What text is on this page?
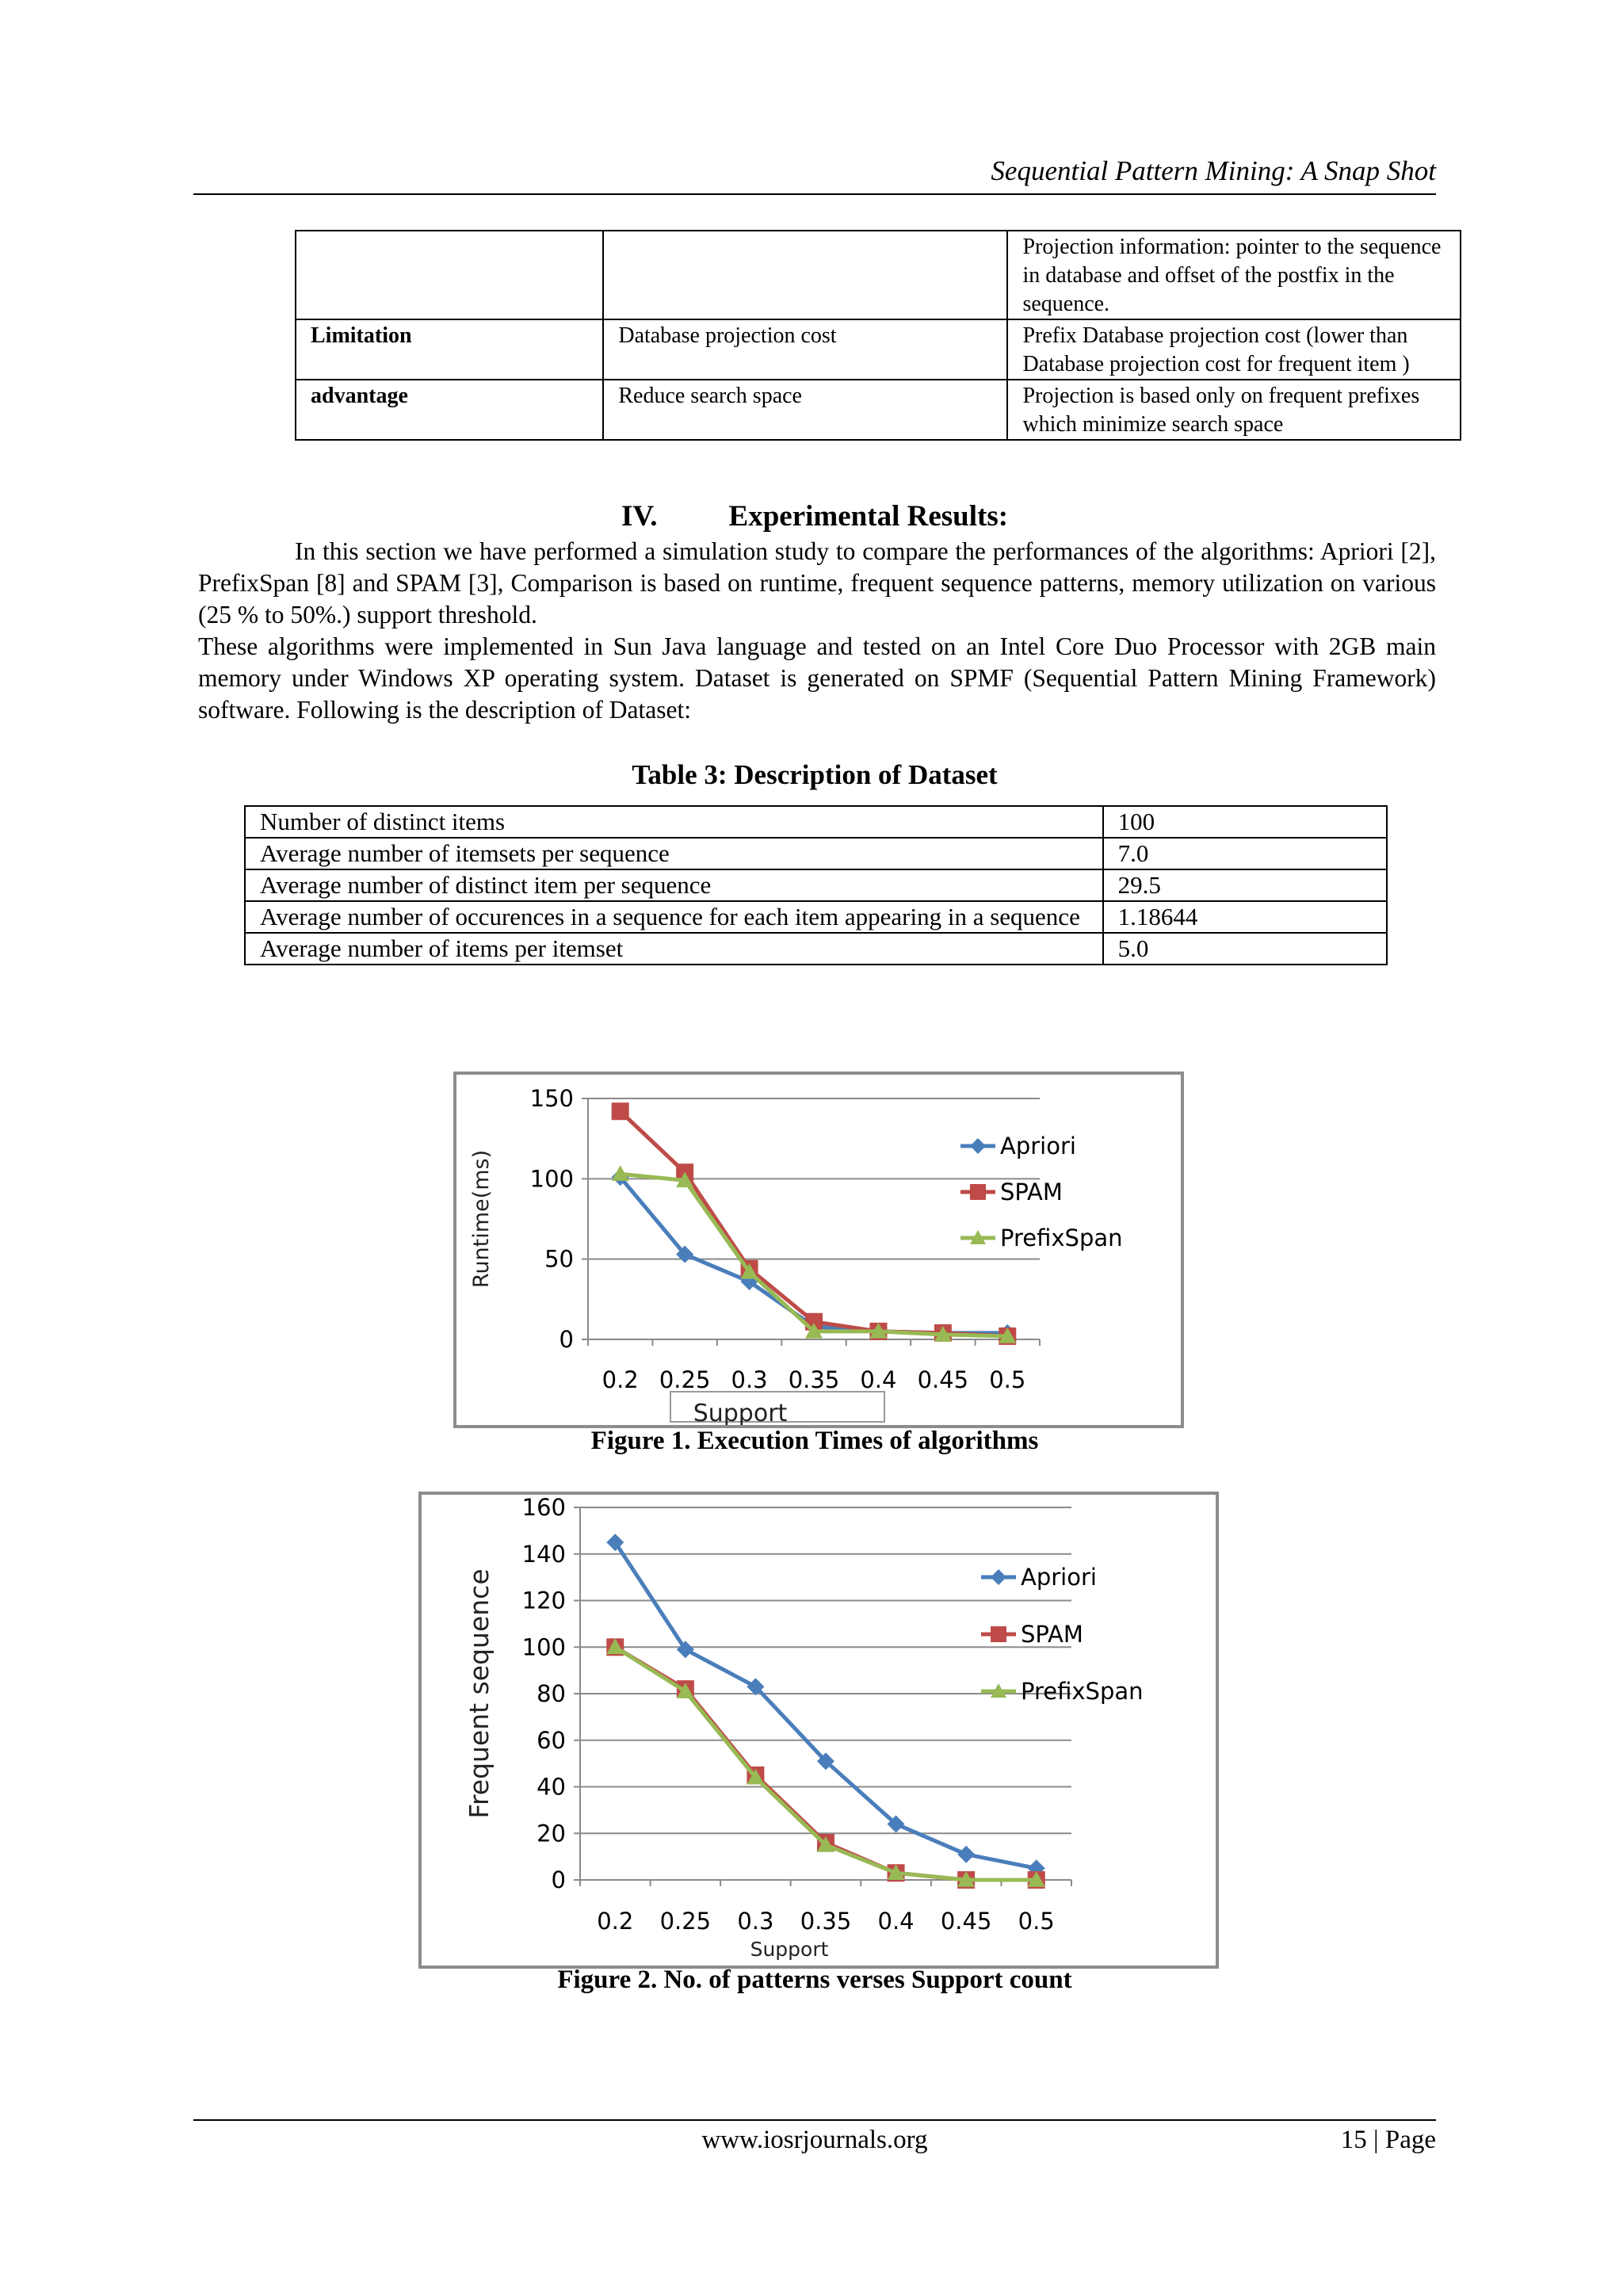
Sequential Pattern Mining: A Snap Shot
		Projection information: pointer to the sequence in database and offset of the postfix in the sequence.
Limitation	Database projection cost	Prefix Database projection cost (lower than Database projection cost for frequent item )
advantage	Reduce search space	Projection is based only on frequent prefixes which minimize search space
IV. Experimental Results:

In this section we have performed a simulation study to compare the performances of the algorithms: Apriori [2], PrefixSpan [8] and SPAM [3], Comparison is based on runtime, frequent sequence patterns, memory utilization on various (25 % to 50%.) support threshold.

These algorithms were implemented in Sun Java language and tested on an Intel Core Duo Processor with 2GB main memory under Windows XP operating system. Dataset is generated on SPMF (Sequential Pattern Mining Framework) software. Following is the description of Dataset:

Table 3: Description of Dataset
Number of distinct items	100
Average number of itemsets per sequence	7.0
Average number of distinct item per sequence	29.5
Average number of occurences in a sequence for each item appearing in a sequence	1.18644
Average number of items per itemset	5.0
0
50
100
150
0.2 0.25 0.3 0.35 0.4 0.45 0.5
Support
Runtime(ms)
Apriori
SPAM
PrefixSpan
Figure 1. Execution Times of algorithms
0
20
40
60
80
100
120
140
160
0.2 0.25 0.3 0.35 0.4 0.45 0.5
Support
Frequent sequence	Apriori
SPAM
PrefixSpan
Figure 2. No. of patterns verses Support count
www.iosrjournals.org	15 | Page
